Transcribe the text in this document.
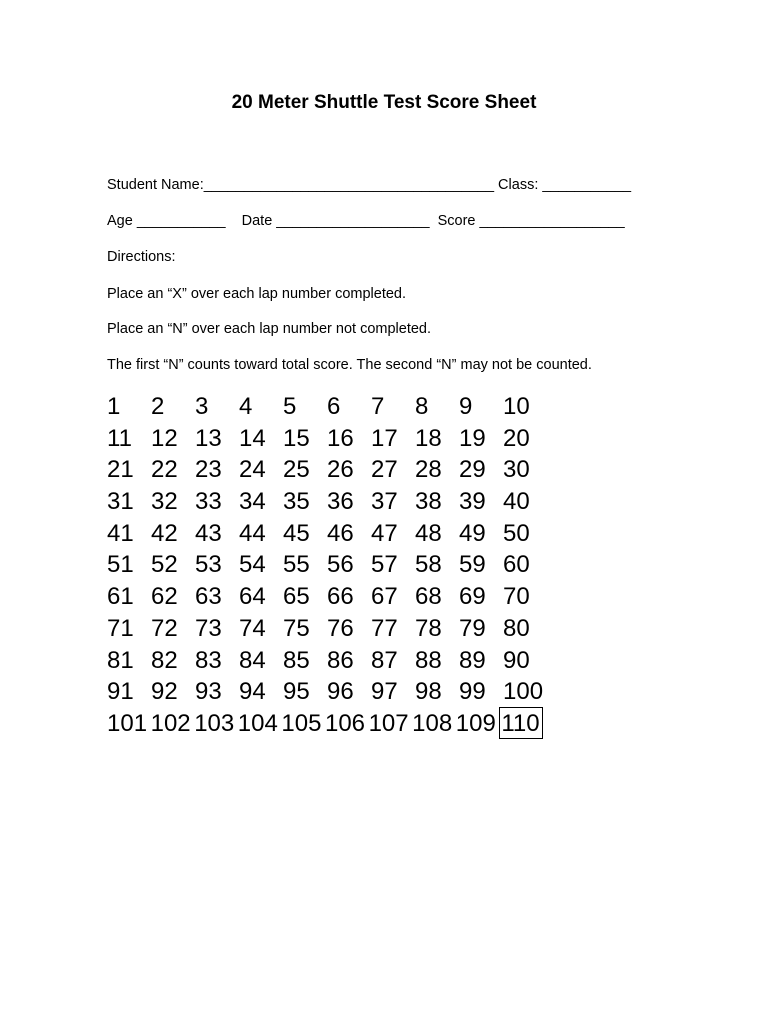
20 Meter Shuttle Test Score Sheet
Student Name:____________________________________ Class: ___________
Age ___________    Date ___________________  Score __________________
Directions:
Place an “X” over each lap number completed.
Place an “N” over each lap number not completed.
The first “N” counts toward total score. The second “N” may not be counted.
1 2 3 4 5 6 7 8 9 10
11 12 13 14 15 16 17 18 19 20
21 22 23 24 25 26 27 28 29 30
31 32 33 34 35 36 37 38 39 40
41 42 43 44 45 46 47 48 49 50
51 52 53 54 55 56 57 58 59 60
61 62 63 64 65 66 67 68 69 70
71 72 73 74 75 76 77 78 79 80
81 82 83 84 85 86 87 88 89 90
91 92 93 94 95 96 97 98 99 100
101 102 103 104 105 106 107 108 109 110
